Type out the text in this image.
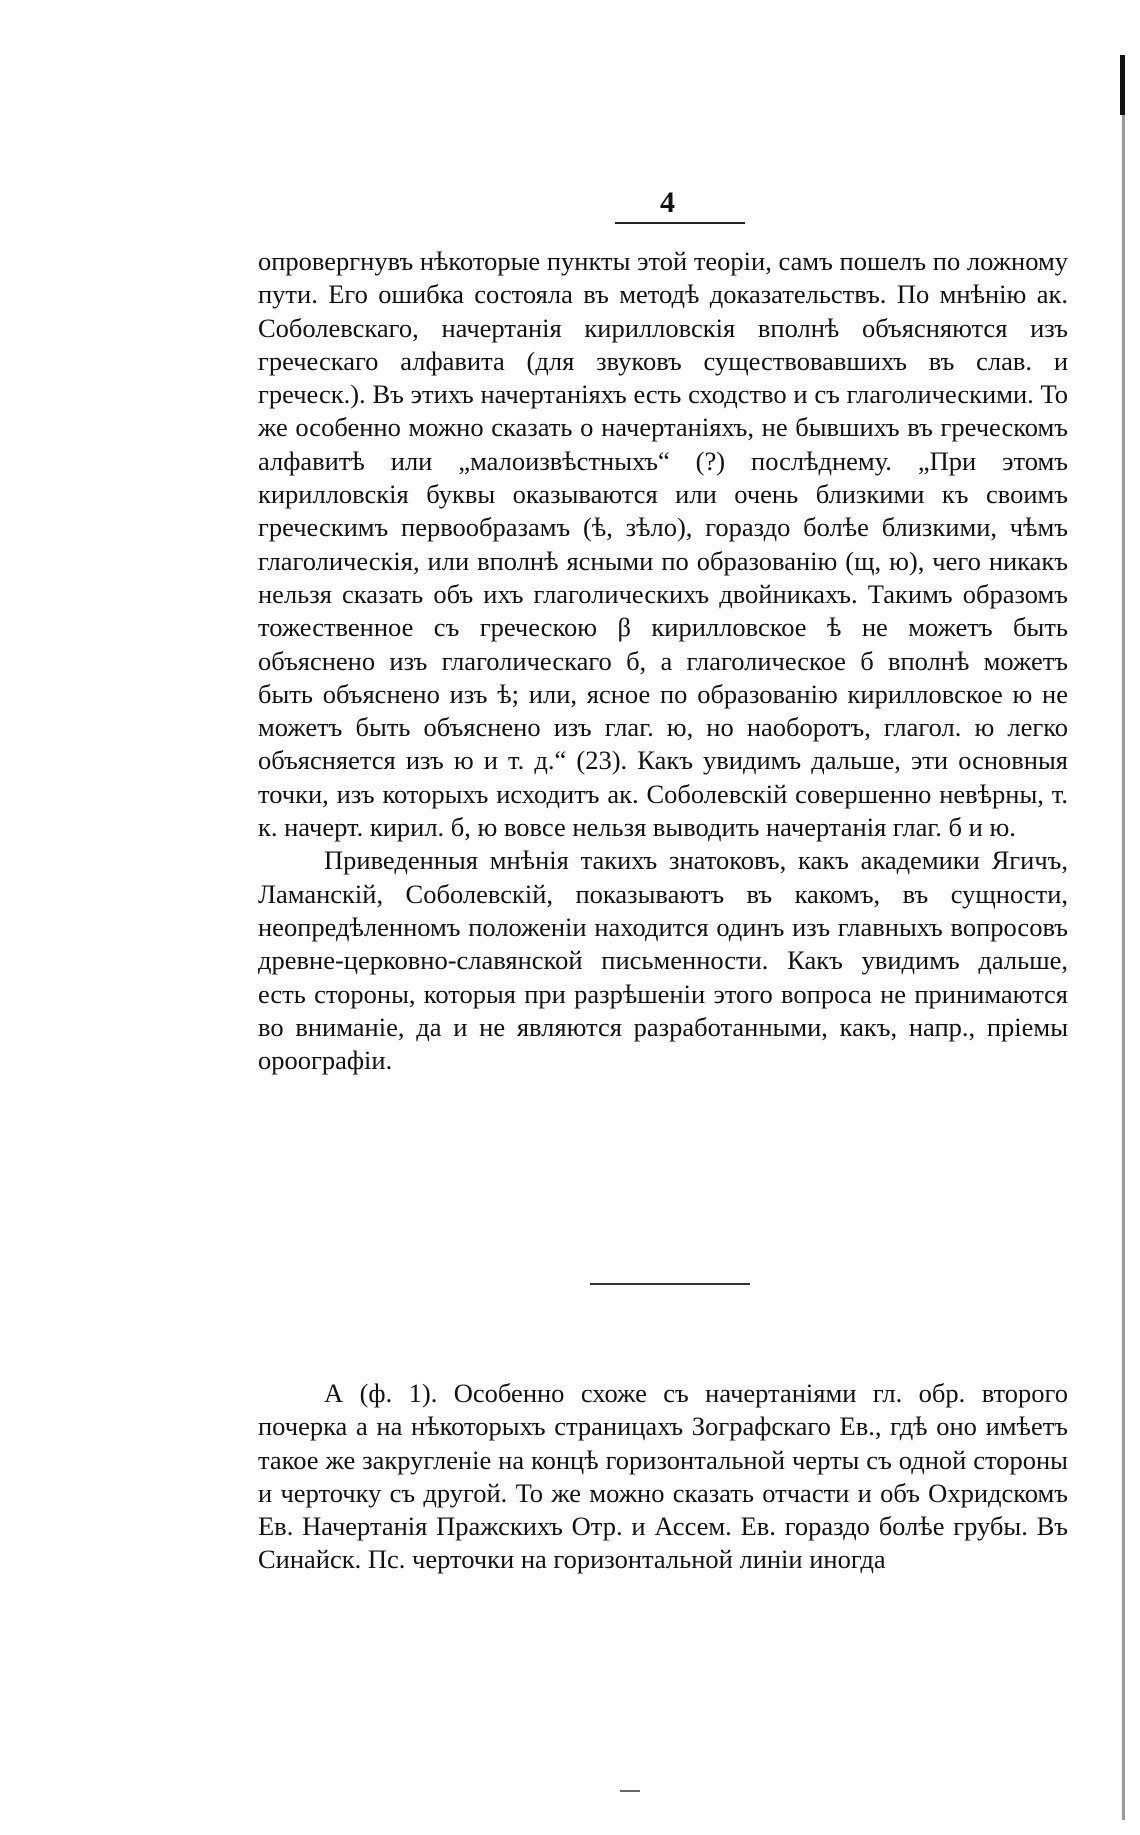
4

опровергнувъ нѣкоторые пункты этой теоріи, самъ пошелъ по ложному пути. Его ошибка состояла въ методѣ доказательствъ. По мнѣнію ак. Соболевскаго, начертанія кирилловскія вполнѣ объясняются изъ греческаго алфавита (для звуковъ существовавшихъ въ слав. и греческ.). Въ этихъ начертаніяхъ есть сходство и съ глаголическими. То же особенно можно сказать о начертаніяхъ, не бывшихъ въ греческомъ алфавитѣ или „малоизвѣстныхъ“ (?) послѣднему. „При этомъ кирилловскія буквы оказываются или очень близкими къ своимъ греческимъ первообразамъ (ѣ, зѣло), гораздо болѣе близкими, чѣмъ глаголическія, или вполнѣ ясными по образованію (щ, ю), чего никакъ нельзя сказать объ ихъ глаголическихъ двойникахъ. Такимъ образомъ тожественное съ греческою β кирилловское ѣ не можетъ быть объяснено изъ глаголическаго б, а глаголическое б вполнѣ можетъ быть объяснено изъ ѣ; или, ясное по образованію кирилловское ю не можетъ быть объяснено изъ глаг. ю, но наоборотъ, глагол. ю легко объясняется изъ ю и т. д.“ (23). Какъ увидимъ дальше, эти основныя точки, изъ которыхъ исходитъ ак. Соболевскій совершенно невѣрны, т. к. начерт. кирил. б, ю вовсе нельзя выводить начертанія глаг. б и ю.

Приведенныя мнѣнія такихъ знатоковъ, какъ академики Ягичъ, Ламанскій, Соболевскій, показываютъ въ какомъ, въ сущности, неопредѣленномъ положеніи находится одинъ изъ главныхъ вопросовъ древне-церковно-славянской письменности. Какъ увидимъ дальше, есть стороны, которыя при разрѣшеніи этого вопроса не принимаются во вниманіе, да и не являются разработанными, какъ, напр., пріемы ороографіи.

А (ф. 1). Особенно схоже съ начертаніями гл. обр. второго почерка а на нѣкоторыхъ страницахъ Зографскаго Ев., гдѣ оно имѣетъ такое же закругленіе на концѣ горизонтальной черты съ одной стороны и черточку съ другой. То же можно сказать отчасти и объ Охридскомъ Ев. Начертанія Пражскихъ Отр. и Ассем. Ев. гораздо болѣе грубы. Въ Синайск. Пс. черточки на горизонтальной линіи иногда
